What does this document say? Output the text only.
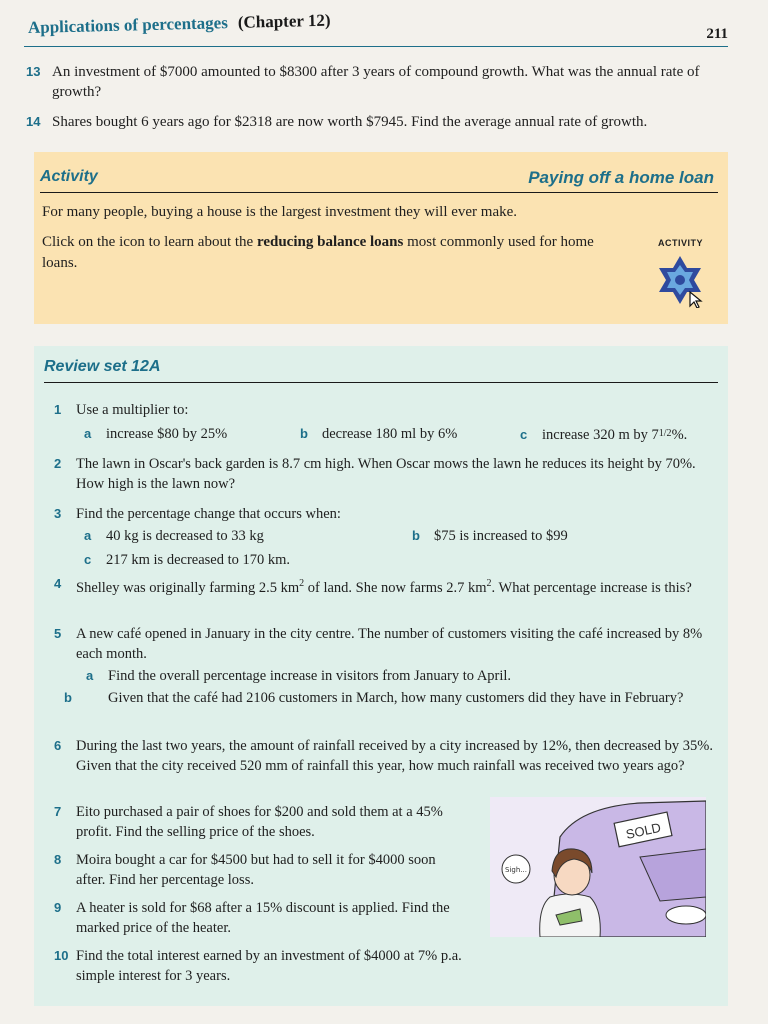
Applications of percentages (Chapter 12)
211
13 An investment of $7000 amounted to $8300 after 3 years of compound growth. What was the annual rate of growth?
14 Shares bought 6 years ago for $2318 are now worth $7945. Find the average annual rate of growth.
Activity	Paying off a home loan
For many people, buying a house is the largest investment they will ever make.
Click on the icon to learn about the reducing balance loans most commonly used for home loans.
ACTIVITY
Review set 12A
1 Use a multiplier to:
a increase $80 by 25%	b decrease 180 ml by 6%	c increase 320 m by $7^{1/2}\%$.
2 The lawn in Oscar's back garden is 8.7 cm high. When Oscar mows the lawn he reduces its height by 70%. How high is the lawn now?
3 Find the percentage change that occurs when:
a 40 kg is decreased to 33 kg	b $75 is increased to $99
c 217 km is decreased to 170 km.
4 Shelley was originally farming 2.5 $km^2$ of land. She now farms 2.7 $km^2$. What percentage increase is this?
5 A new café opened in January in the city centre. The number of customers visiting the café increased by 8% each month.
a Find the overall percentage increase in visitors from January to April.
b Given that the café had 2106 customers in March, how many customers did they have in February?
6 During the last two years, the amount of rainfall received by a city increased by 12%, then decreased by 35%. Given that the city received 520 mm of rainfall this year, how much rainfall was received two years ago?
7 Eito purchased a pair of shoes for $200 and sold them at a 45% profit. Find the selling price of the shoes.
8 Moira bought a car for $4500 but had to sell it for $4000 soon after. Find her percentage loss.
9 A heater is sold for $68 after a 15% discount is applied. Find the marked price of the heater.
10 Find the total interest earned by an investment of $4000 at 7% p.a. simple interest for 3 years.
SOLD
Sigh...
